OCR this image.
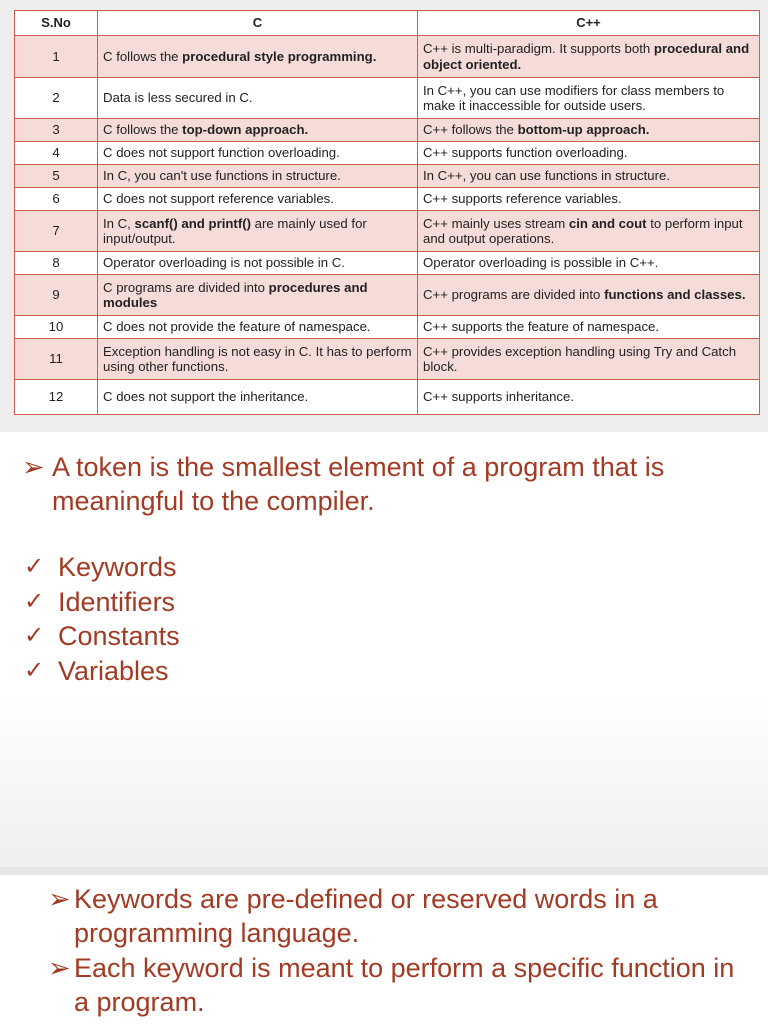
S.No	C	C++
1	C follows the procedural style programming.	C++ is multi-paradigm. It supports both procedural and object oriented.
2	Data is less secured in C.	In C++, you can use modifiers for class members to make it inaccessible for outside users.
3	C follows the top-down approach.	C++ follows the bottom-up approach.
4	C does not support function overloading.	C++ supports function overloading.
5	In C, you can't use functions in structure.	In C++, you can use functions in structure.
6	C does not support reference variables.	C++ supports reference variables.
7	In C, scanf() and printf() are mainly used for input/output.	C++ mainly uses stream cin and cout to perform input and output operations.
8	Operator overloading is not possible in C.	Operator overloading is possible in C++.
9	C programs are divided into procedures and modules	C++ programs are divided into functions and classes.
10	C does not provide the feature of namespace.	C++ supports the feature of namespace.
11	Exception handling is not easy in C. It has to perform using other functions.	C++ provides exception handling using Try and Catch block.
12	C does not support the inheritance.	C++ supports inheritance.
➢ A token is the smallest element of a program that is meaningful to the compiler.
✓ Keywords
✓ Identifiers
✓ Constants
✓ Variables
➢ Keywords are pre-defined or reserved words in a programming language.
➢ Each keyword is meant to perform a specific function in a program.
